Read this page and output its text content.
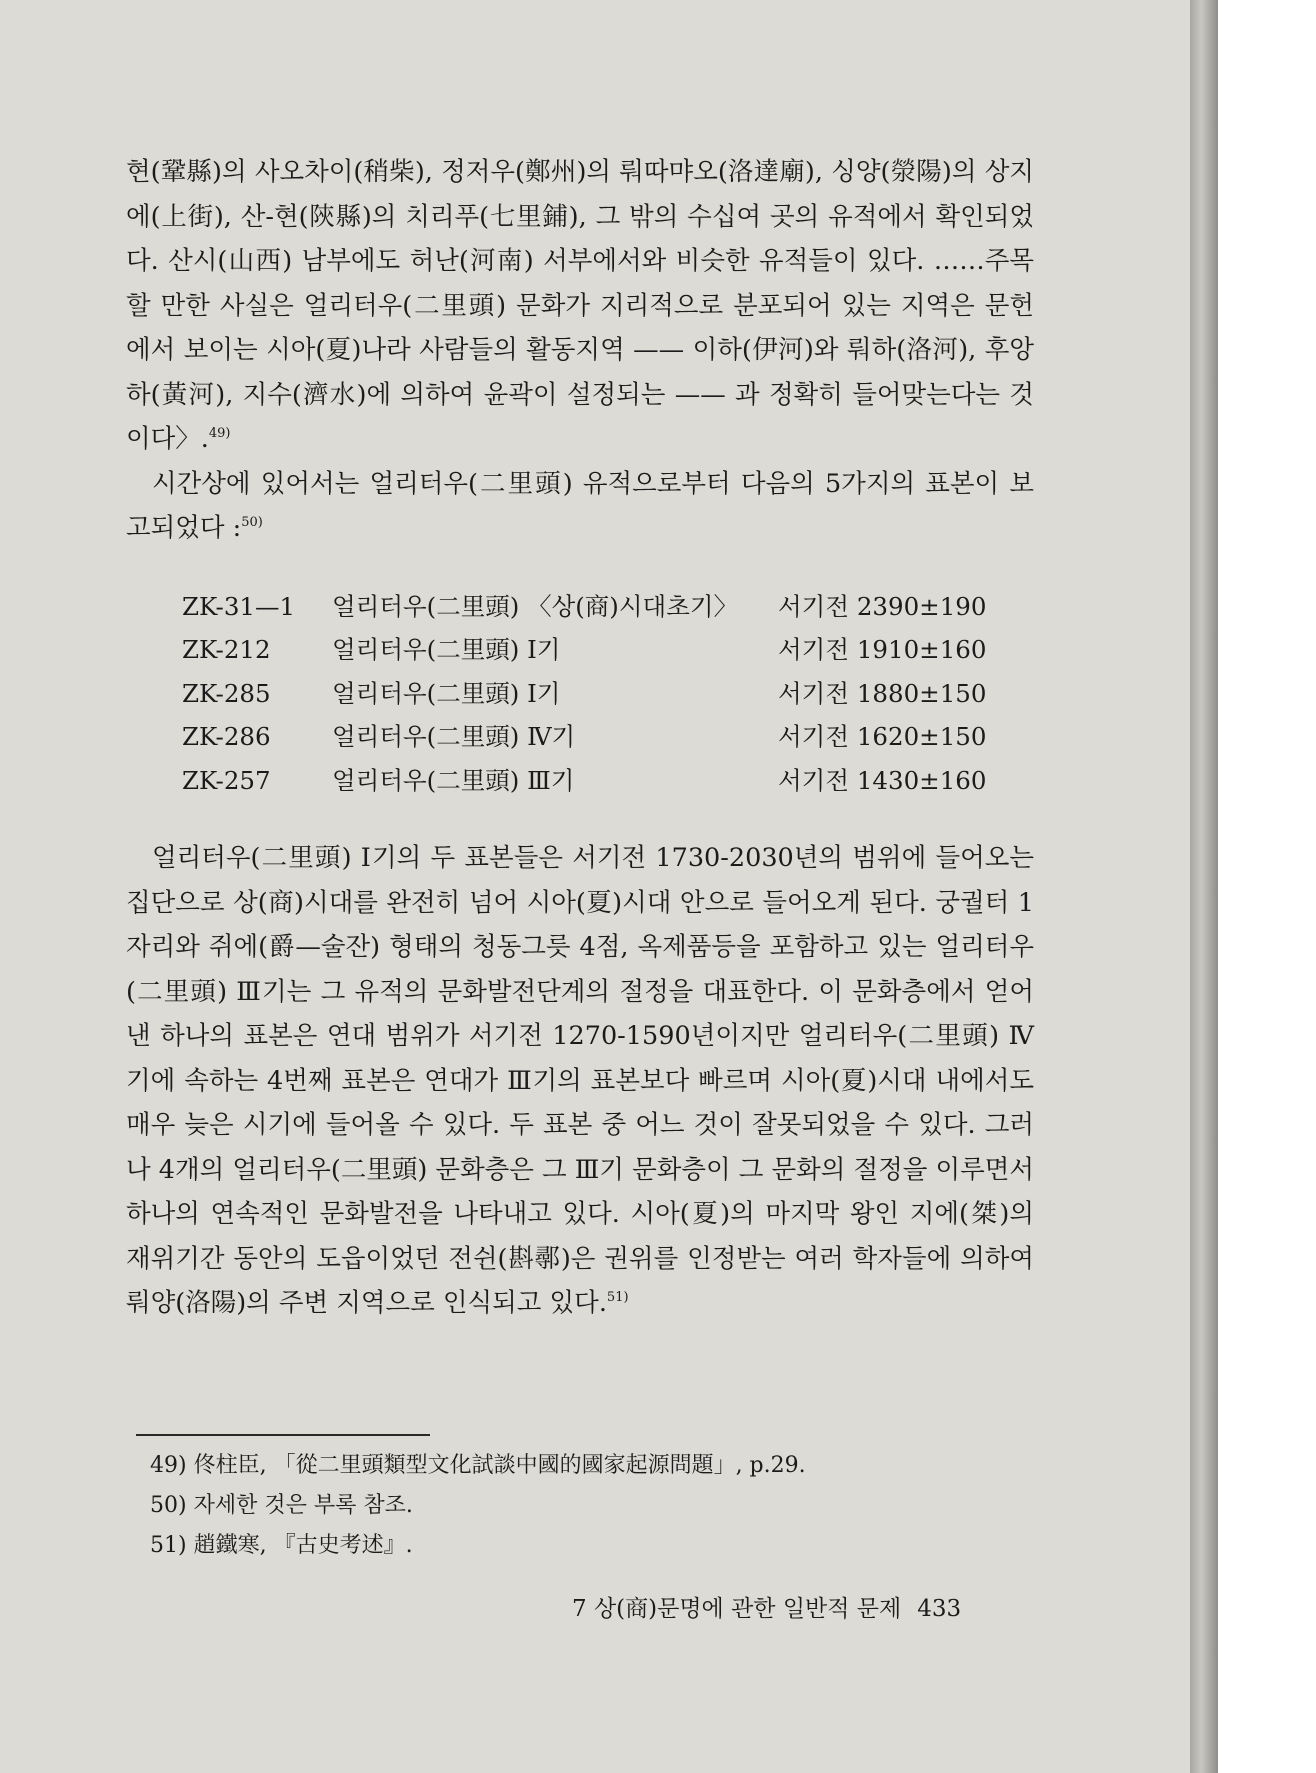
현(鞏縣)의 사오차이(稍柴), 정저우(鄭州)의 뤄따먀오(洛達廟), 싱양(滎陽)의 상지에(上街), 산-현(陝縣)의 치리푸(七里鋪), 그 밖의 수십여 곳의 유적에서 확인되었다. 산시(山西) 남부에도 허난(河南) 서부에서와 비슷한 유적들이 있다. ……주목할 만한 사실은 얼리터우(二里頭) 문화가 지리적으로 분포되어 있는 지역은 문헌에서 보이는 시아(夏)나라 사람들의 활동지역 —— 이하(伊河)와 뤄하(洛河), 후앙하(黃河), 지수(濟水)에 의하여 윤곽이 설정되는 —— 과 정확히 들어맞는다는 것이다〉.$^{49)}$

시간상에 있어서는 얼리터우(二里頭) 유적으로부터 다음의 5가지의 표본이 보고되었다 :$^{50)}$

ZK-31—1	얼리터우(二里頭) 〈상(商)시대초기〉	서기전 2390±190
ZK-212	얼리터우(二里頭) Ⅰ기	서기전 1910±160
ZK-285	얼리터우(二里頭) Ⅰ기	서기전 1880±150
ZK-286	얼리터우(二里頭) Ⅳ기	서기전 1620±150
ZK-257	얼리터우(二里頭) Ⅲ기	서기전 1430±160

얼리터우(二里頭) Ⅰ기의 두 표본들은 서기전 1730-2030년의 범위에 들어오는 집단으로 상(商)시대를 완전히 넘어 시아(夏)시대 안으로 들어오게 된다. 궁궐터 1자리와 쥐에(爵—술잔) 형태의 청동그릇 4점, 옥제품등을 포함하고 있는 얼리터우(二里頭) Ⅲ기는 그 유적의 문화발전단계의 절정을 대표한다. 이 문화층에서 얻어낸 하나의 표본은 연대 범위가 서기전 1270-1590년이지만 얼리터우(二里頭) Ⅳ기에 속하는 4번째 표본은 연대가 Ⅲ기의 표본보다 빠르며 시아(夏)시대 내에서도 매우 늦은 시기에 들어올 수 있다. 두 표본 중 어느 것이 잘못되었을 수 있다. 그러나 4개의 얼리터우(二里頭) 문화층은 그 Ⅲ기 문화층이 그 문화의 절정을 이루면서 하나의 연속적인 문화발전을 나타내고 있다. 시아(夏)의 마지막 왕인 지에(桀)의 재위기간 동안의 도읍이었던 전쉰(斟鄩)은 권위를 인정받는 여러 학자들에 의하여 뤄양(洛陽)의 주변 지역으로 인식되고 있다.$^{51)}$

49) 佟柱臣, 「從二里頭類型文化試談中國的國家起源問題」, p.29.
50) 자세한 것은 부록 참조.
51) 趙鐵寒, 『古史考述』.
7 상(商)문명에 관한 일반적 문제 433
